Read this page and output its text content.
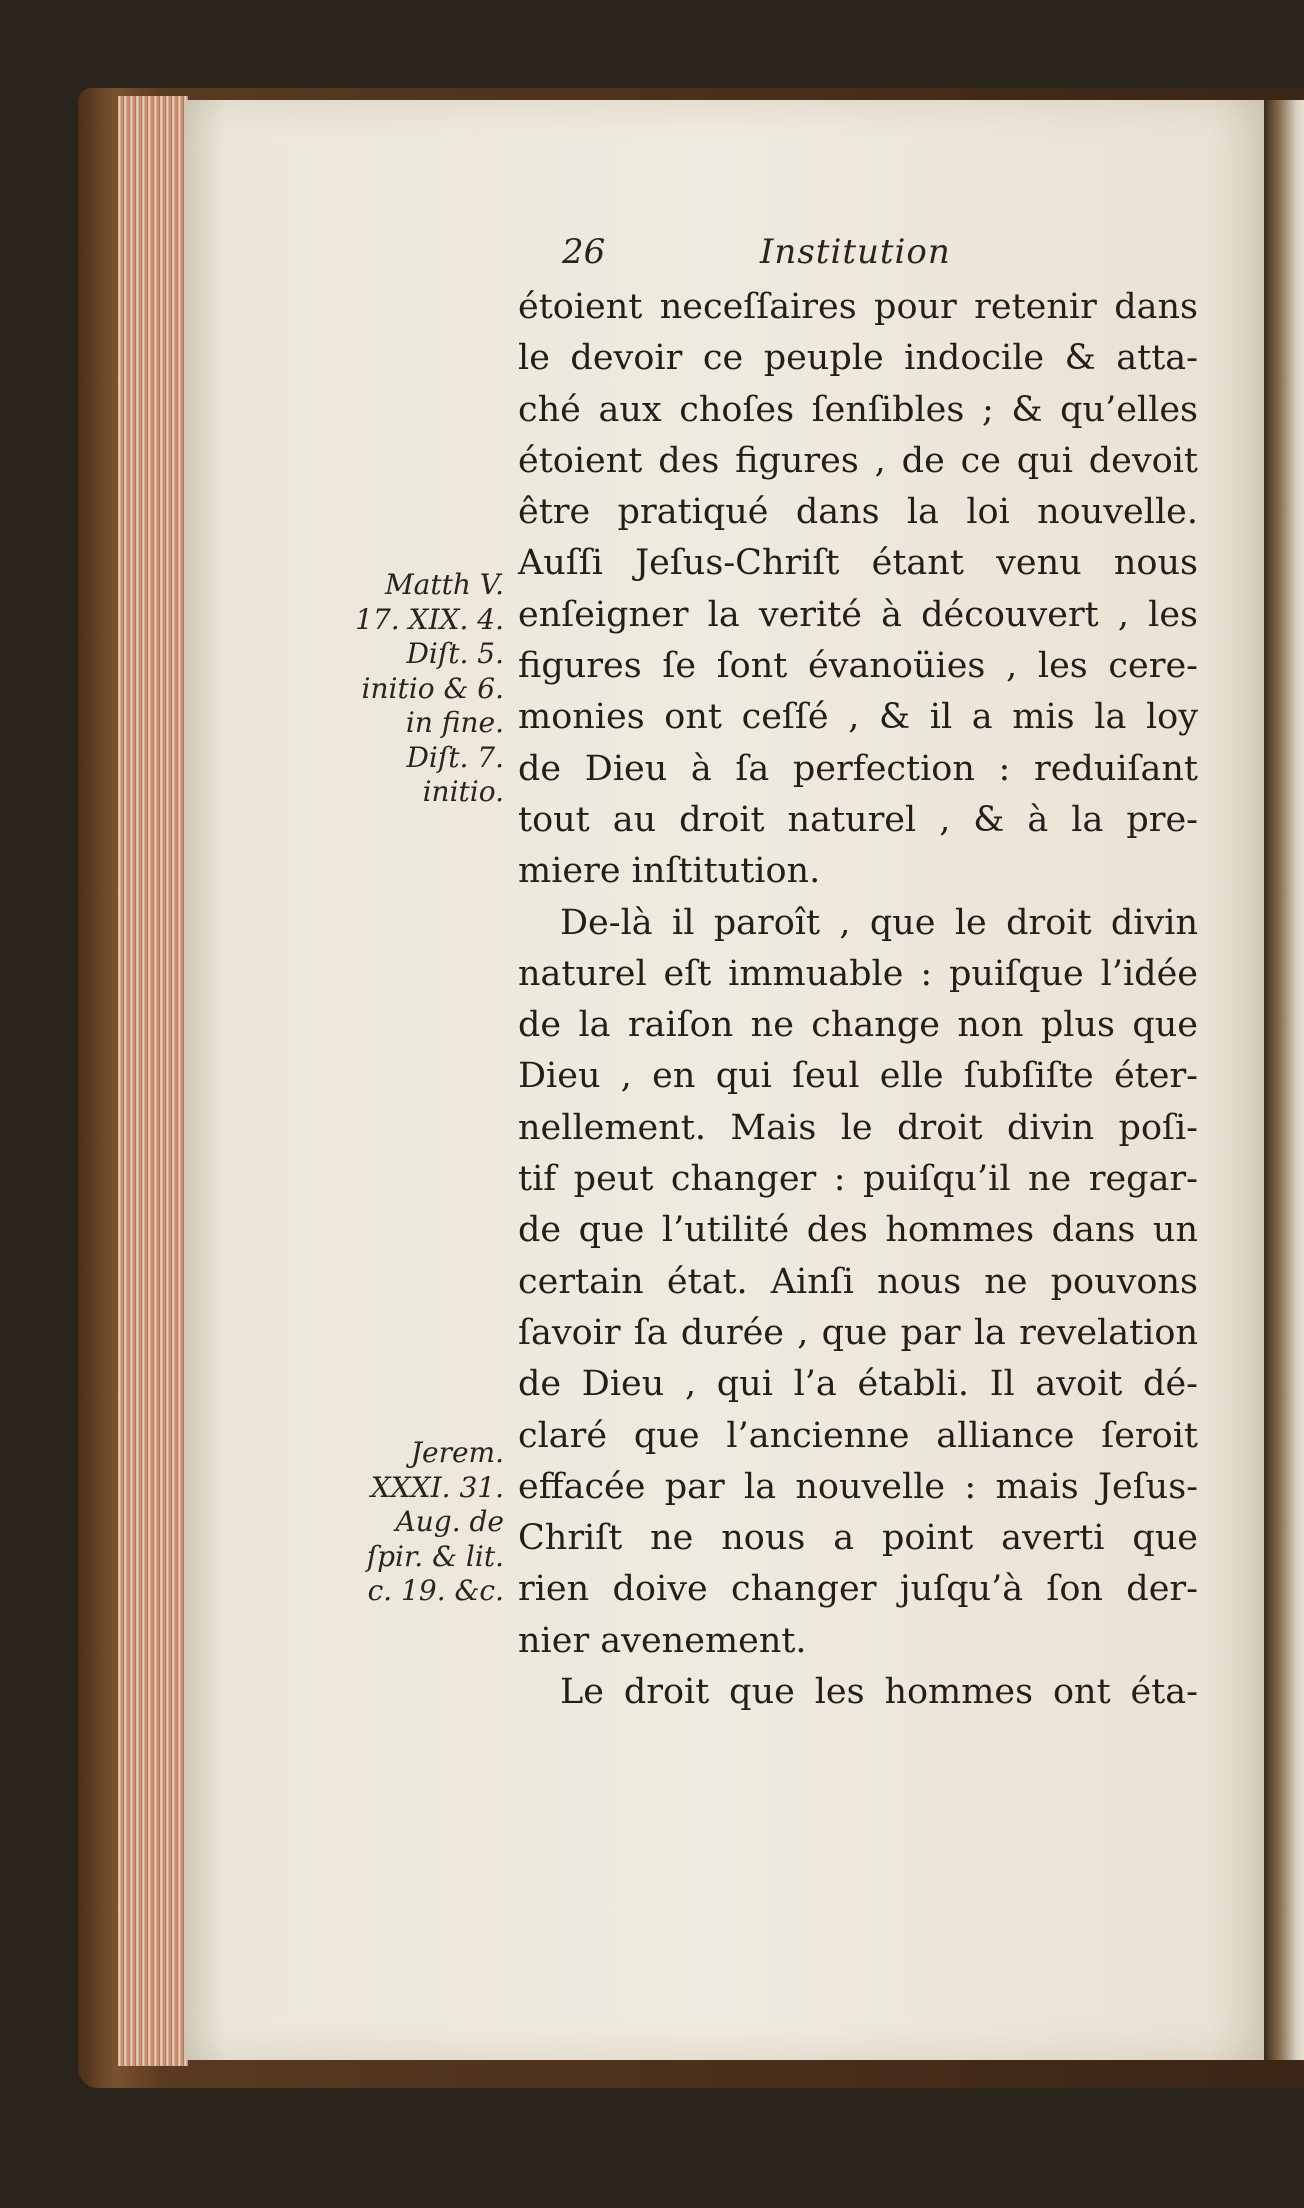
26	Institution
étoient neceſſaires pour retenir dans
le devoir ce peuple indocile & atta-
ché aux choſes ſenſibles ; & qu’elles
étoient des figures , de ce qui devoit
être pratiqué dans la loi nouvelle.
Auſſi Jeſus-Chriſt étant venu nous
enſeigner la verité à découvert , les
figures ſe ſont évanoüies , les cere-
monies ont ceſſé , & il a mis la loy
de Dieu à ſa perfection : reduiſant
tout au droit naturel , & à la pre-
miere inſtitution.
De-là il paroît , que le droit divin
naturel eſt immuable : puiſque l’idée
de la raiſon ne change non plus que
Dieu , en qui ſeul elle ſubſiſte éter-
nellement. Mais le droit divin poſi-
tif peut changer : puiſqu’il ne regar-
de que l’utilité des hommes dans un
certain état. Ainſi nous ne pouvons
ſavoir ſa durée , que par la revelation
de Dieu , qui l’a établi. Il avoit dé-
claré que l’ancienne alliance ſeroit
effacée par la nouvelle : mais Jeſus-
Chriſt ne nous a point averti que
rien doive changer juſqu’à ſon der-
nier avenement.
Le droit que les hommes ont éta-
Matth V.
17. XIX. 4.
Diſt. 5.
initio & 6.
in fine.
Diſt. 7.
initio.
Jerem.
XXXI. 31.
Aug. de
ſpir. & lit.
c. 19. &c.
